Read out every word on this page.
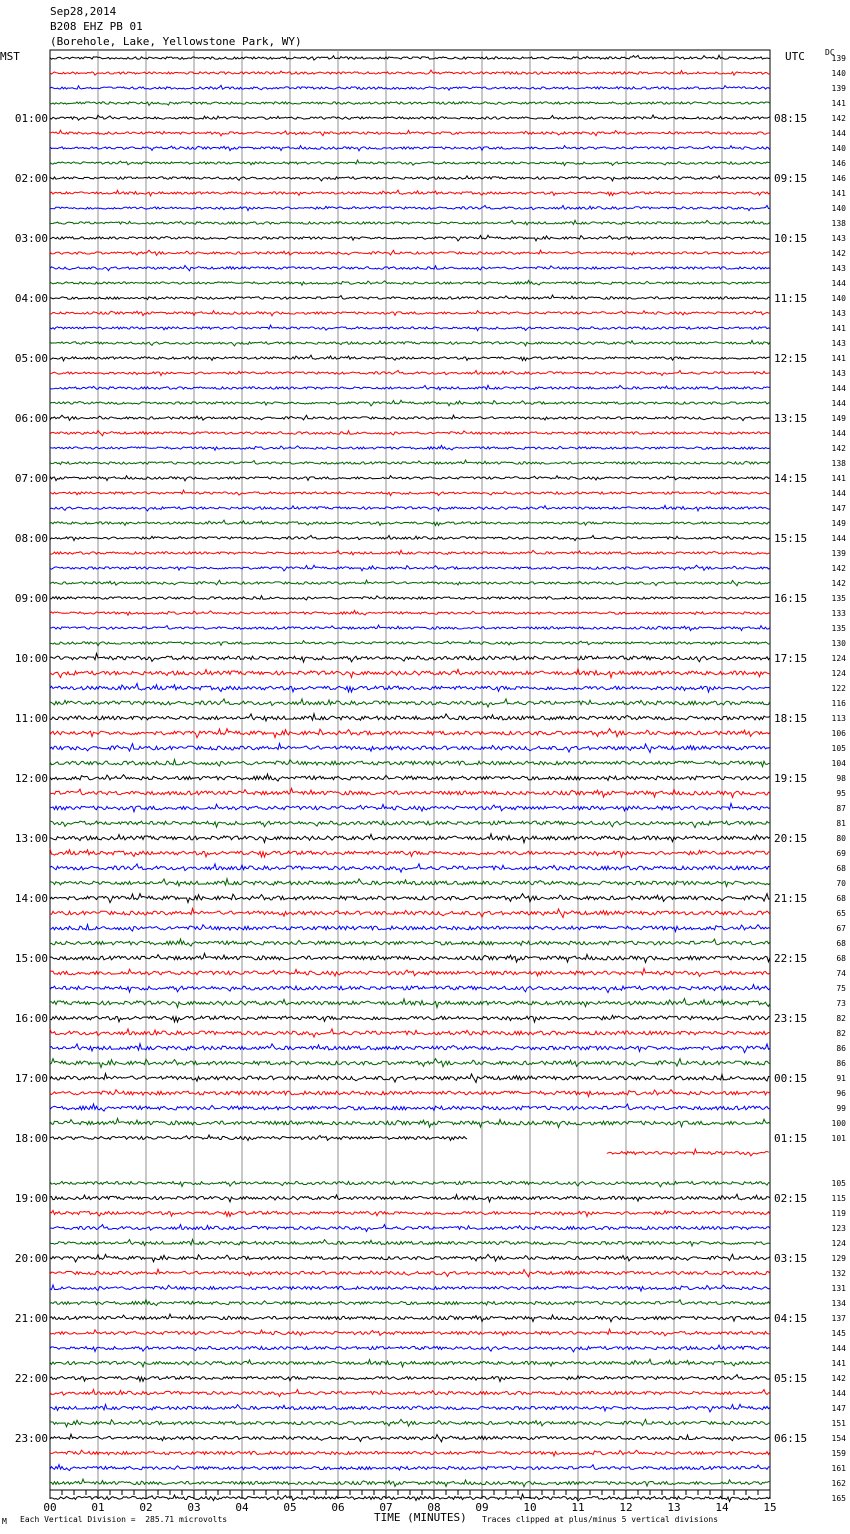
Sep28,2014
B208 EHZ PB 01
(Borehole, Lake, Yellowstone Park, WY)
MST	UTC	DC
00	01	02	03	04	05	06	07	08	09	10	11	12	13	14	15
139
140
139
141
142
144
140
146
146
141
140
138
143
142
143
144
140
143
141
143
141
143
144
144
149
144
142
138
141
144
147
149
144
139
142
142
135
133
135
130
124
124
122
116
113
106
105
104
98
95
87
81
80
69
68
70
68
65
67
68
68
74
75
73
82
82
86
86
91
96
99
100
101
105
115
119
123
124
129
132
131
134
137
145
144
141
142
144
147
151
154
159
161
162
165
01:00
02:00
03:00
04:00
05:00
06:00
07:00
08:00
09:00
10:00
11:00
12:00
13:00
14:00
15:00
16:00
17:00
18:00
19:00
20:00
21:00
22:00
23:00
08:15
09:15
10:15
11:15
12:15
13:15
14:15
15:15
16:15
17:15
18:15
19:15
20:15
21:15
22:15
23:15
00:15
01:15
02:15
03:15
04:15
05:15
06:15
M Each Vertical Division =  285.71 microvolts	TIME (MINUTES) Traces clipped at plus/minus 5 vertical divisions
